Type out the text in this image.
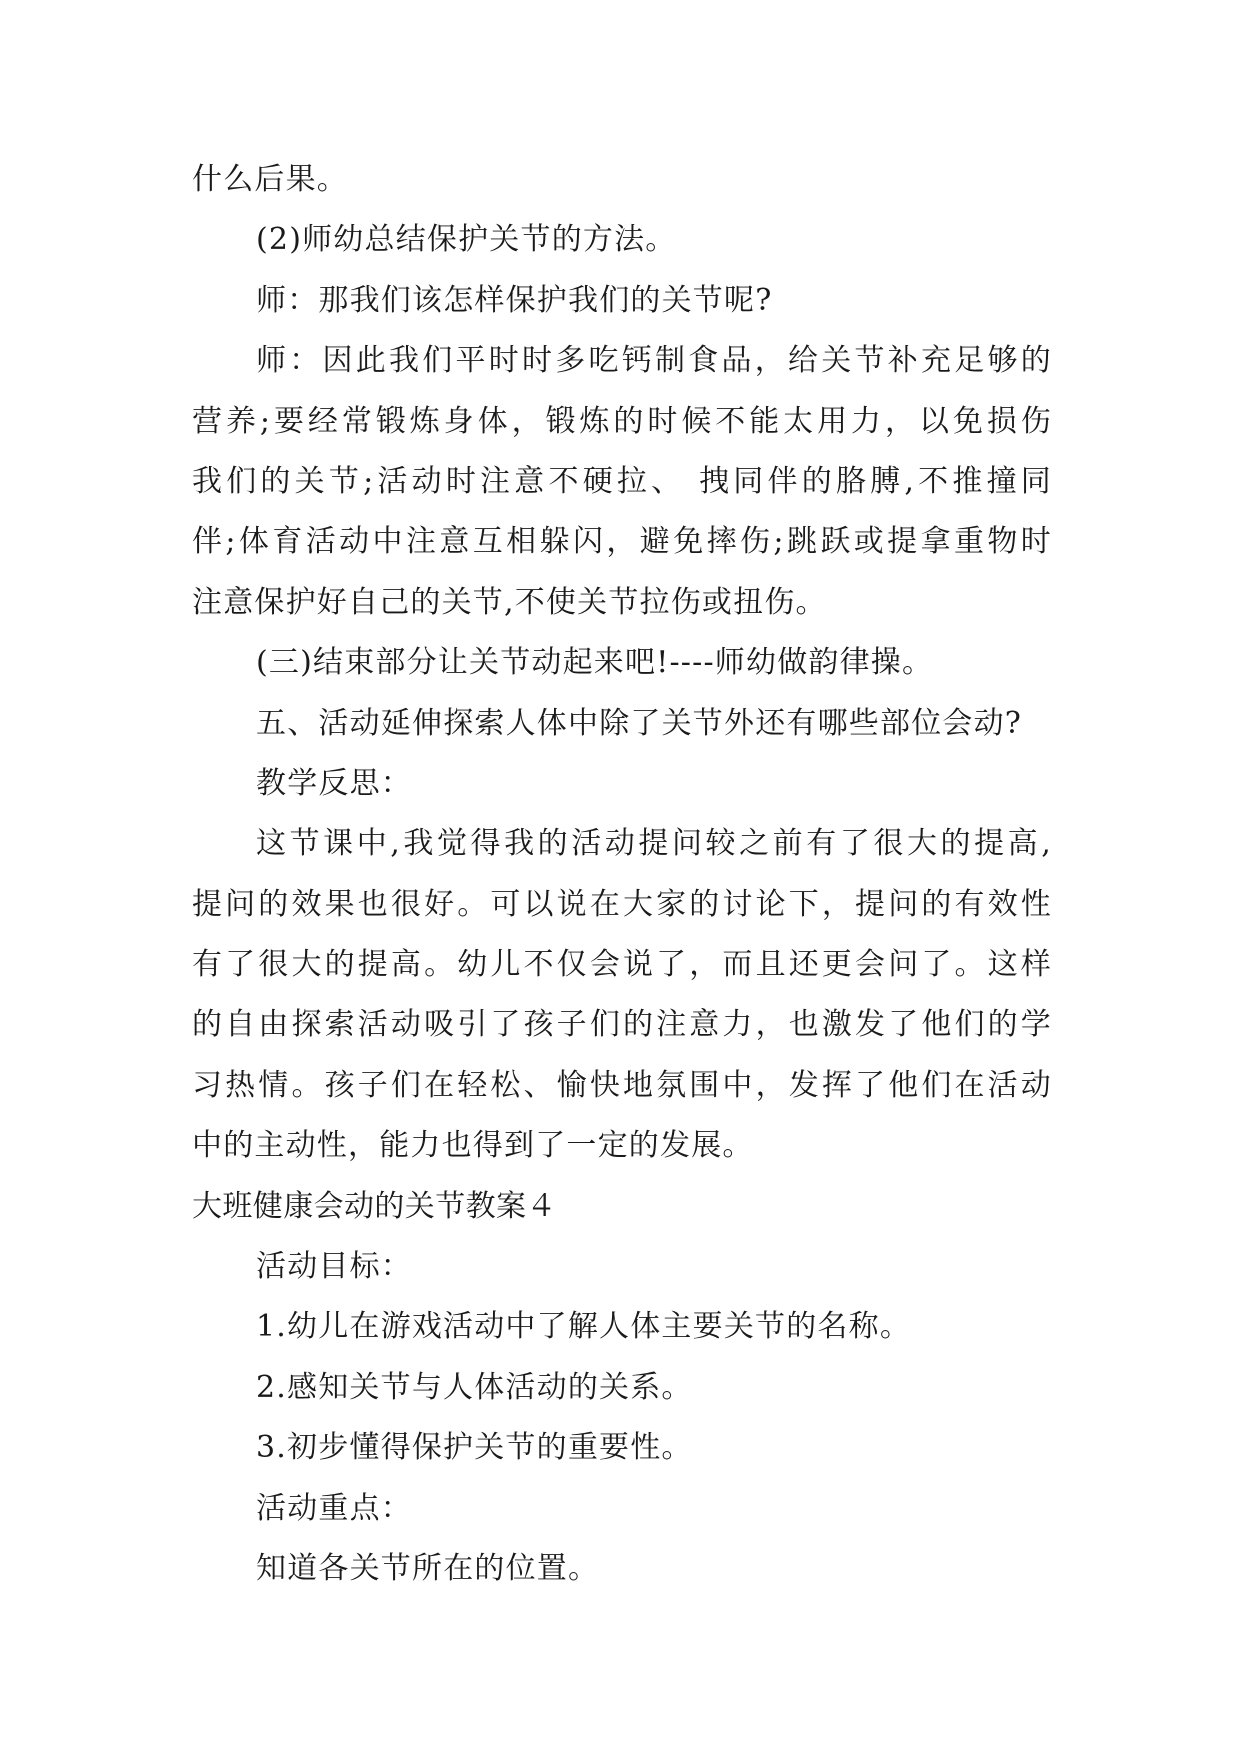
什么后果。
(2)师幼总结保护关节的方法。
师：那我们该怎样保护我们的关节呢?
师：因此我们平时时多吃钙制食品，给关节补充足够的
营养;要经常锻炼身体，锻炼的时候不能太用力，以免损伤
我们的关节;活动时注意不硬拉、 拽同伴的胳膊,不推撞同
伴;体育活动中注意互相躲闪，避免摔伤;跳跃或提拿重物时
注意保护好自己的关节,不使关节拉伤或扭伤。
(三)结束部分让关节动起来吧!----师幼做韵律操。
五、活动延伸探索人体中除了关节外还有哪些部位会动?
教学反思：
这节课中,我觉得我的活动提问较之前有了很大的提高,
提问的效果也很好。可以说在大家的讨论下，提问的有效性
有了很大的提高。幼儿不仅会说了，而且还更会问了。这样
的自由探索活动吸引了孩子们的注意力，也激发了他们的学
习热情。孩子们在轻松、愉快地氛围中，发挥了他们在活动
中的主动性，能力也得到了一定的发展。
大班健康会动的关节教案４
活动目标：
1.幼儿在游戏活动中了解人体主要关节的名称。
2.感知关节与人体活动的关系。
3.初步懂得保护关节的重要性。
活动重点：
知道各关节所在的位置。
